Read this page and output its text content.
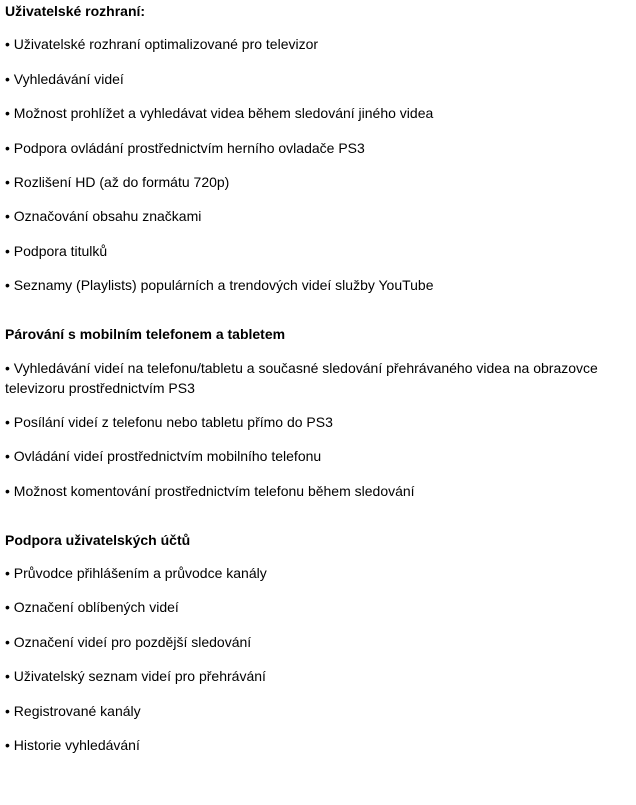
Uživatelské rozhraní:
• Uživatelské rozhraní optimalizované pro televizor
• Vyhledávání videí
• Možnost prohlížet a vyhledávat videa během sledování jiného videa
• Podpora ovládání prostřednictvím herního ovladače PS3
• Rozlišení HD (až do formátu 720p)
• Označování obsahu značkami
• Podpora titulků
• Seznamy (Playlists) populárních a trendových videí služby YouTube
Párování s mobilním telefonem a tabletem
• Vyhledávání videí na telefonu/tabletu a současné sledování přehrávaného videa na obrazovce televizoru prostřednictvím PS3
• Posílání videí z telefonu nebo tabletu přímo do PS3
• Ovládání videí prostřednictvím mobilního telefonu
• Možnost komentování prostřednictvím telefonu během sledování
Podpora uživatelských účtů
• Průvodce přihlášením a průvodce kanály
• Označení oblíbených videí
• Označení videí pro pozdější sledování
• Uživatelský seznam videí pro přehrávání
• Registrované kanály
• Historie vyhledávání
